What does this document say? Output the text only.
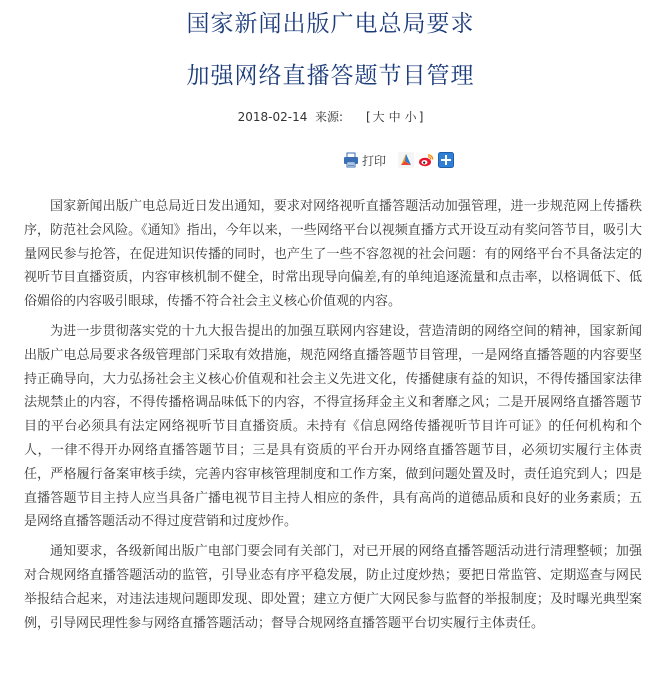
国家新闻出版广电总局要求
加强网络直播答题节目管理
2018-02-14 来源: [ 大 中 小 ]
打印

国家新闻出版广电总局近日发出通知，要求对网络视听直播答题活动加强管理，进一步规范网上传播秩序，防范社会风险。《通知》指出，今年以来，一些网络平台以视频直播方式开设互动有奖问答节目，吸引大量网民参与抢答，在促进知识传播的同时，也产生了一些不容忽视的社会问题：有的网络平台不具备法定的视听节目直播资质，内容审核机制不健全，时常出现导向偏差,有的单纯追逐流量和点击率，以格调低下、低俗媚俗的内容吸引眼球，传播不符合社会主义核心价值观的内容。

为进一步贯彻落实党的十九大报告提出的加强互联网内容建设，营造清朗的网络空间的精神，国家新闻出版广电总局要求各级管理部门采取有效措施，规范网络直播答题节目管理，一是网络直播答题的内容要坚持正确导向，大力弘扬社会主义核心价值观和社会主义先进文化，传播健康有益的知识，不得传播国家法律法规禁止的内容，不得传播格调品味低下的内容，不得宣扬拜金主义和奢靡之风；二是开展网络直播答题节目的平台必须具有法定网络视听节目直播资质。未持有《信息网络传播视听节目许可证》的任何机构和个人，一律不得开办网络直播答题节目；三是具有资质的平台开办网络直播答题节目，必须切实履行主体责任，严格履行备案审核手续，完善内容审核管理制度和工作方案，做到问题处置及时，责任追究到人；四是直播答题节目主持人应当具备广播电视节目主持人相应的条件，具有高尚的道德品质和良好的业务素质；五是网络直播答题活动不得过度营销和过度炒作。

通知要求，各级新闻出版广电部门要会同有关部门，对已开展的网络直播答题活动进行清理整顿；加强对合规网络直播答题活动的监管，引导业态有序平稳发展，防止过度炒热；要把日常监管、定期巡查与网民举报结合起来，对违法违规问题即发现、即处置；建立方便广大网民参与监督的举报制度；及时曝光典型案例，引导网民理性参与网络直播答题活动；督导合规网络直播答题平台切实履行主体责任。
